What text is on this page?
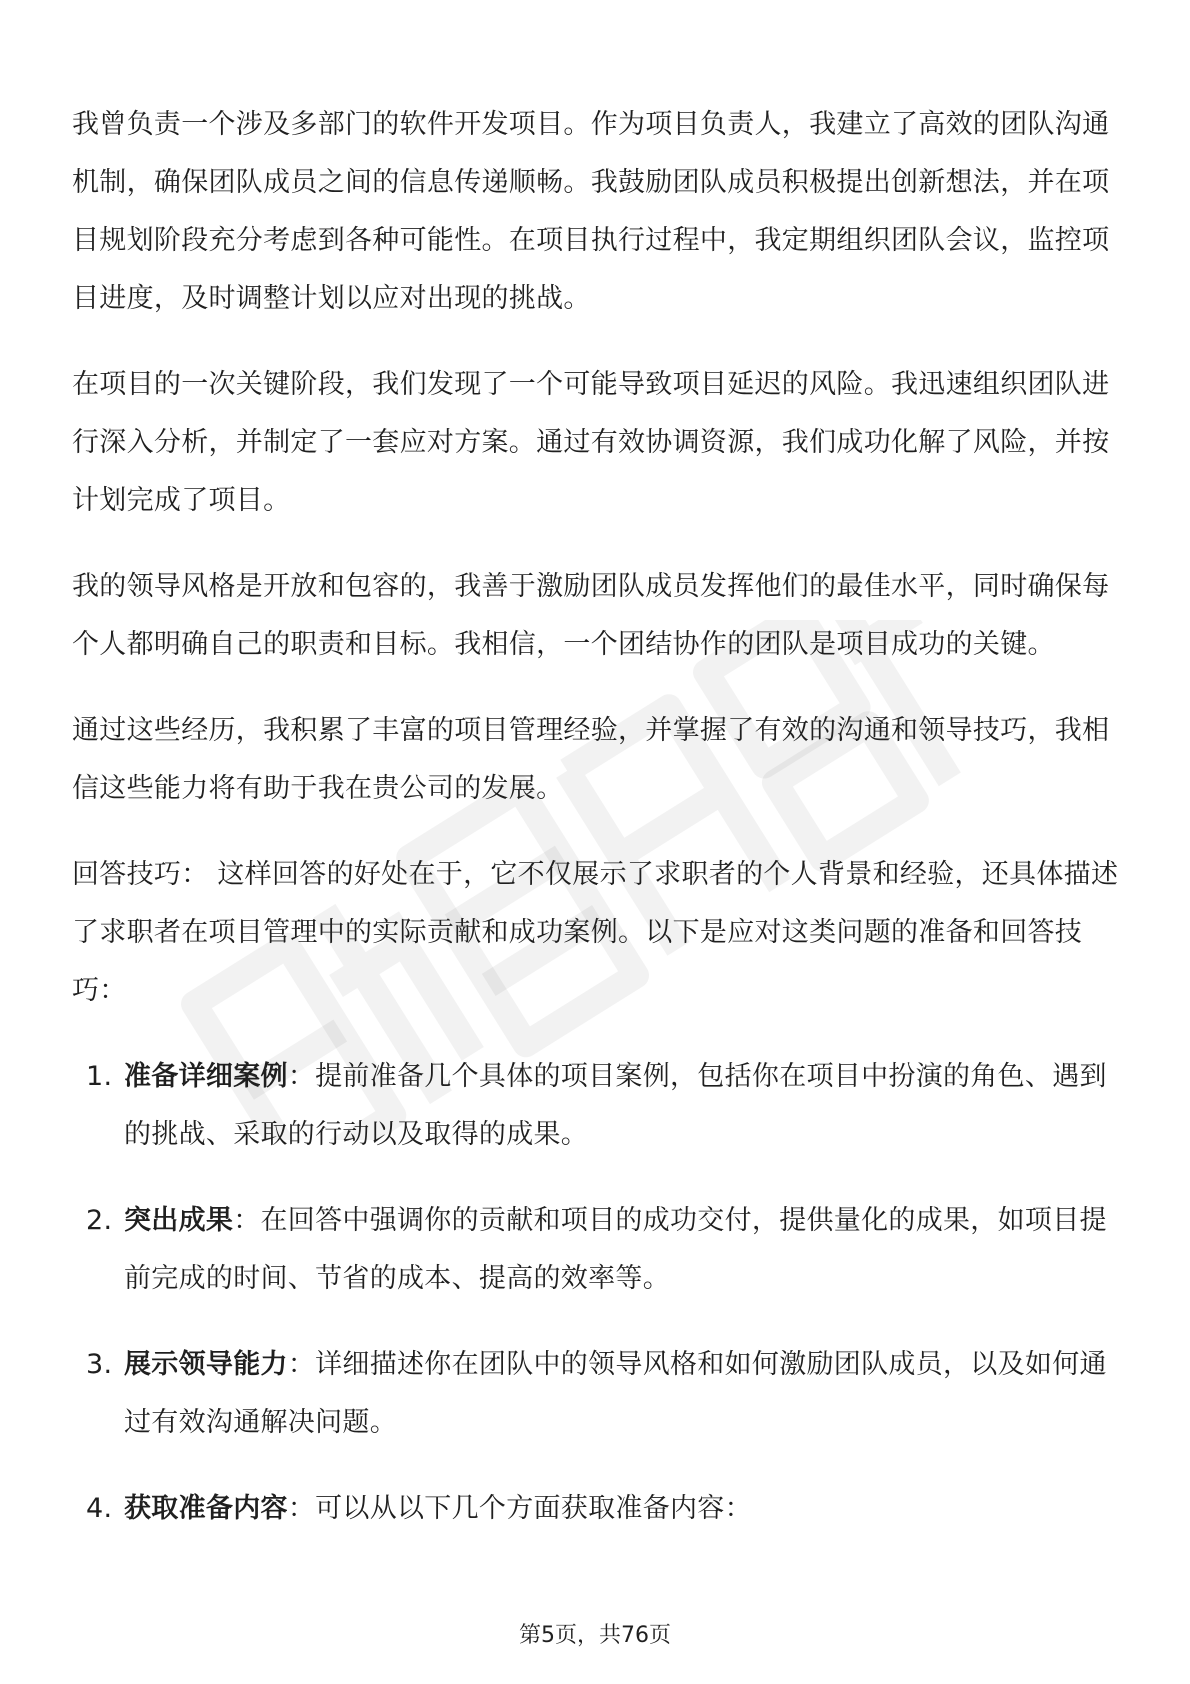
我曾负责一个涉及多部门的软件开发项目。作为项目负责人，我建立了高效的团队沟通机制，确保团队成员之间的信息传递顺畅。我鼓励团队成员积极提出创新想法，并在项目规划阶段充分考虑到各种可能性。在项目执行过程中，我定期组织团队会议，监控项目进度，及时调整计划以应对出现的挑战。

在项目的一次关键阶段，我们发现了一个可能导致项目延迟的风险。我迅速组织团队进行深入分析，并制定了一套应对方案。通过有效协调资源，我们成功化解了风险，并按计划完成了项目。

我的领导风格是开放和包容的，我善于激励团队成员发挥他们的最佳水平，同时确保每个人都明确自己的职责和目标。我相信，一个团结协作的团队是项目成功的关键。

通过这些经历，我积累了丰富的项目管理经验，并掌握了有效的沟通和领导技巧，我相信这些能力将有助于我在贵公司的发展。

回答技巧： 这样回答的好处在于，它不仅展示了求职者的个人背景和经验，还具体描述了求职者在项目管理中的实际贡献和成功案例。以下是应对这类问题的准备和回答技巧：

1. 准备详细案例：提前准备几个具体的项目案例，包括你在项目中扮演的角色、遇到的挑战、采取的行动以及取得的成果。
2. 突出成果：在回答中强调你的贡献和项目的成功交付，提供量化的成果，如项目提前完成的时间、节省的成本、提高的效率等。
3. 展示领导能力：详细描述你在团队中的领导风格和如何激励团队成员，以及如何通过有效沟通解决问题。
4. 获取准备内容：可以从以下几个方面获取准备内容：
第5页，共76页
